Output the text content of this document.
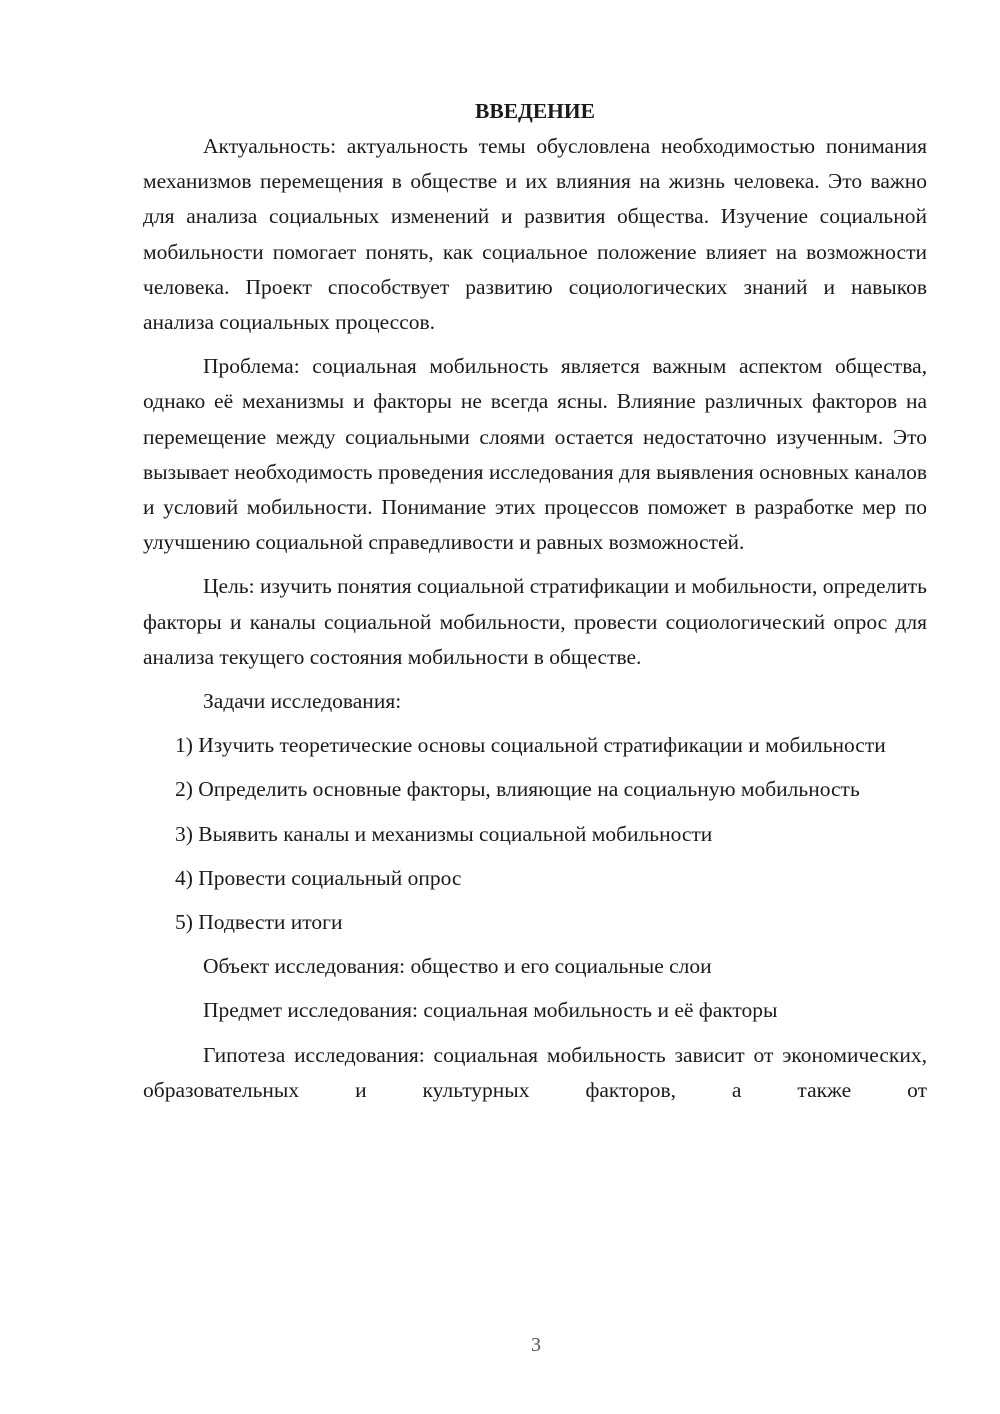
ВВЕДЕНИЕ

Актуальность: актуальность темы обусловлена необходимостью понимания механизмов перемещения в обществе и их влияния на жизнь человека. Это важно для анализа социальных изменений и развития общества. Изучение социальной мобильности помогает понять, как социальное положение влияет на возможности человека. Проект способствует развитию социологических знаний и навыков анализа социальных процессов.

Проблема: социальная мобильность является важным аспектом общества, однако её механизмы и факторы не всегда ясны. Влияние различных факторов на перемещение между социальными слоями остается недостаточно изученным. Это вызывает необходимость проведения исследования для выявления основных каналов и условий мобильности. Понимание этих процессов поможет в разработке мер по улучшению социальной справедливости и равных возможностей.

Цель: изучить понятия социальной стратификации и мобильности, определить факторы и каналы социальной мобильности, провести социологический опрос для анализа текущего состояния мобильности в обществе.

Задачи исследования:

1) Изучить теоретические основы социальной стратификации и мобильности

2) Определить основные факторы, влияющие на социальную мобильность

3) Выявить каналы и механизмы социальной мобильности

4) Провести социальный опрос

5) Подвести итоги

Объект исследования: общество и его социальные слои

Предмет исследования: социальная мобильность и её факторы

Гипотеза исследования: социальная мобильность зависит от экономических, образовательных и культурных факторов, а также от

3
